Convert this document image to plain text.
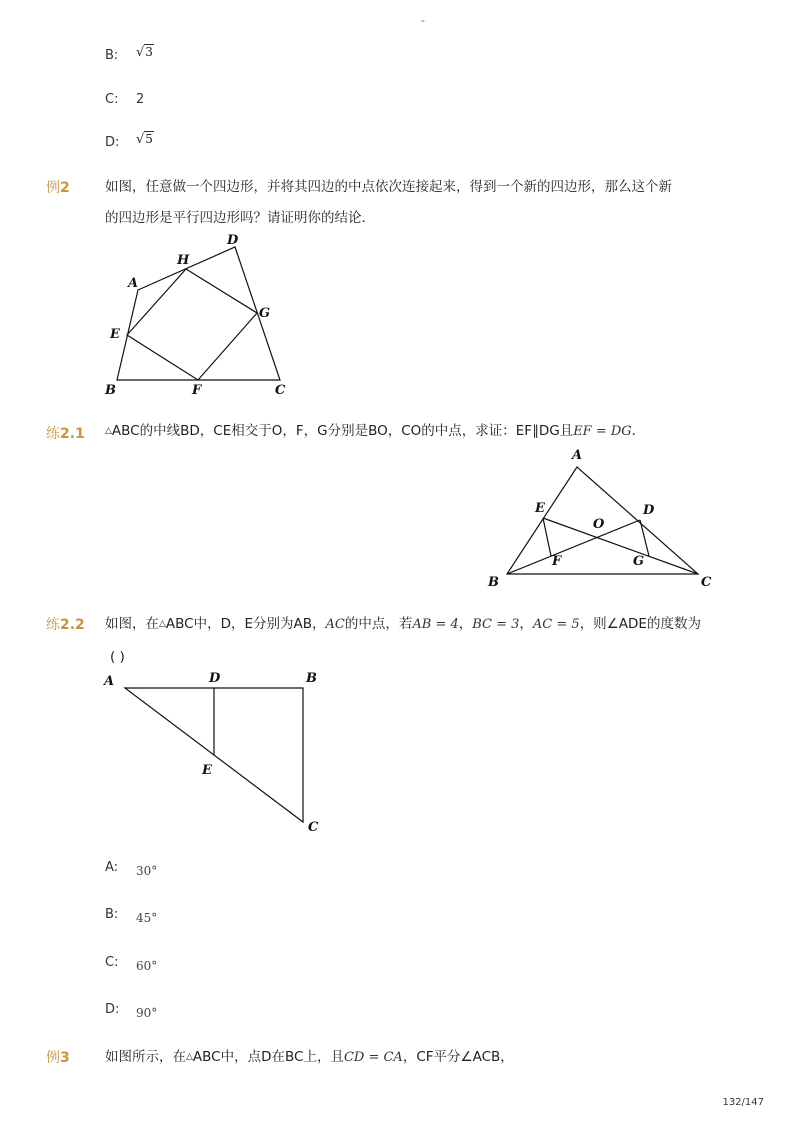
-
B: √3
C: 2
D: √5
例2	如图，任意做一个四边形，并将其四边的中点依次连接起来，得到一个新的四边形，那么这个新
的四边形是平行四边形吗？请证明你的结论．
A
D
H
E
G
B	F	C
练2.1 △ABC的中线BD，CE相交于O，F，G分别是BO，CO的中点，求证：EF∥DG且EF = DG．
A
E	D
O
F	G
B	C
练2.2 如图，在△ABC中，D，E分别为AB，AC的中点，若AB = 4，BC = 3，AC = 5，则∠ADE的度数为
( )
A	D	B
E
C
A: 30°
B: 45°
C: 60°
D: 90°
例3	如图所示，在△ABC中，点D在BC上，且CD = CA，CF平分∠ACB，
132/147
